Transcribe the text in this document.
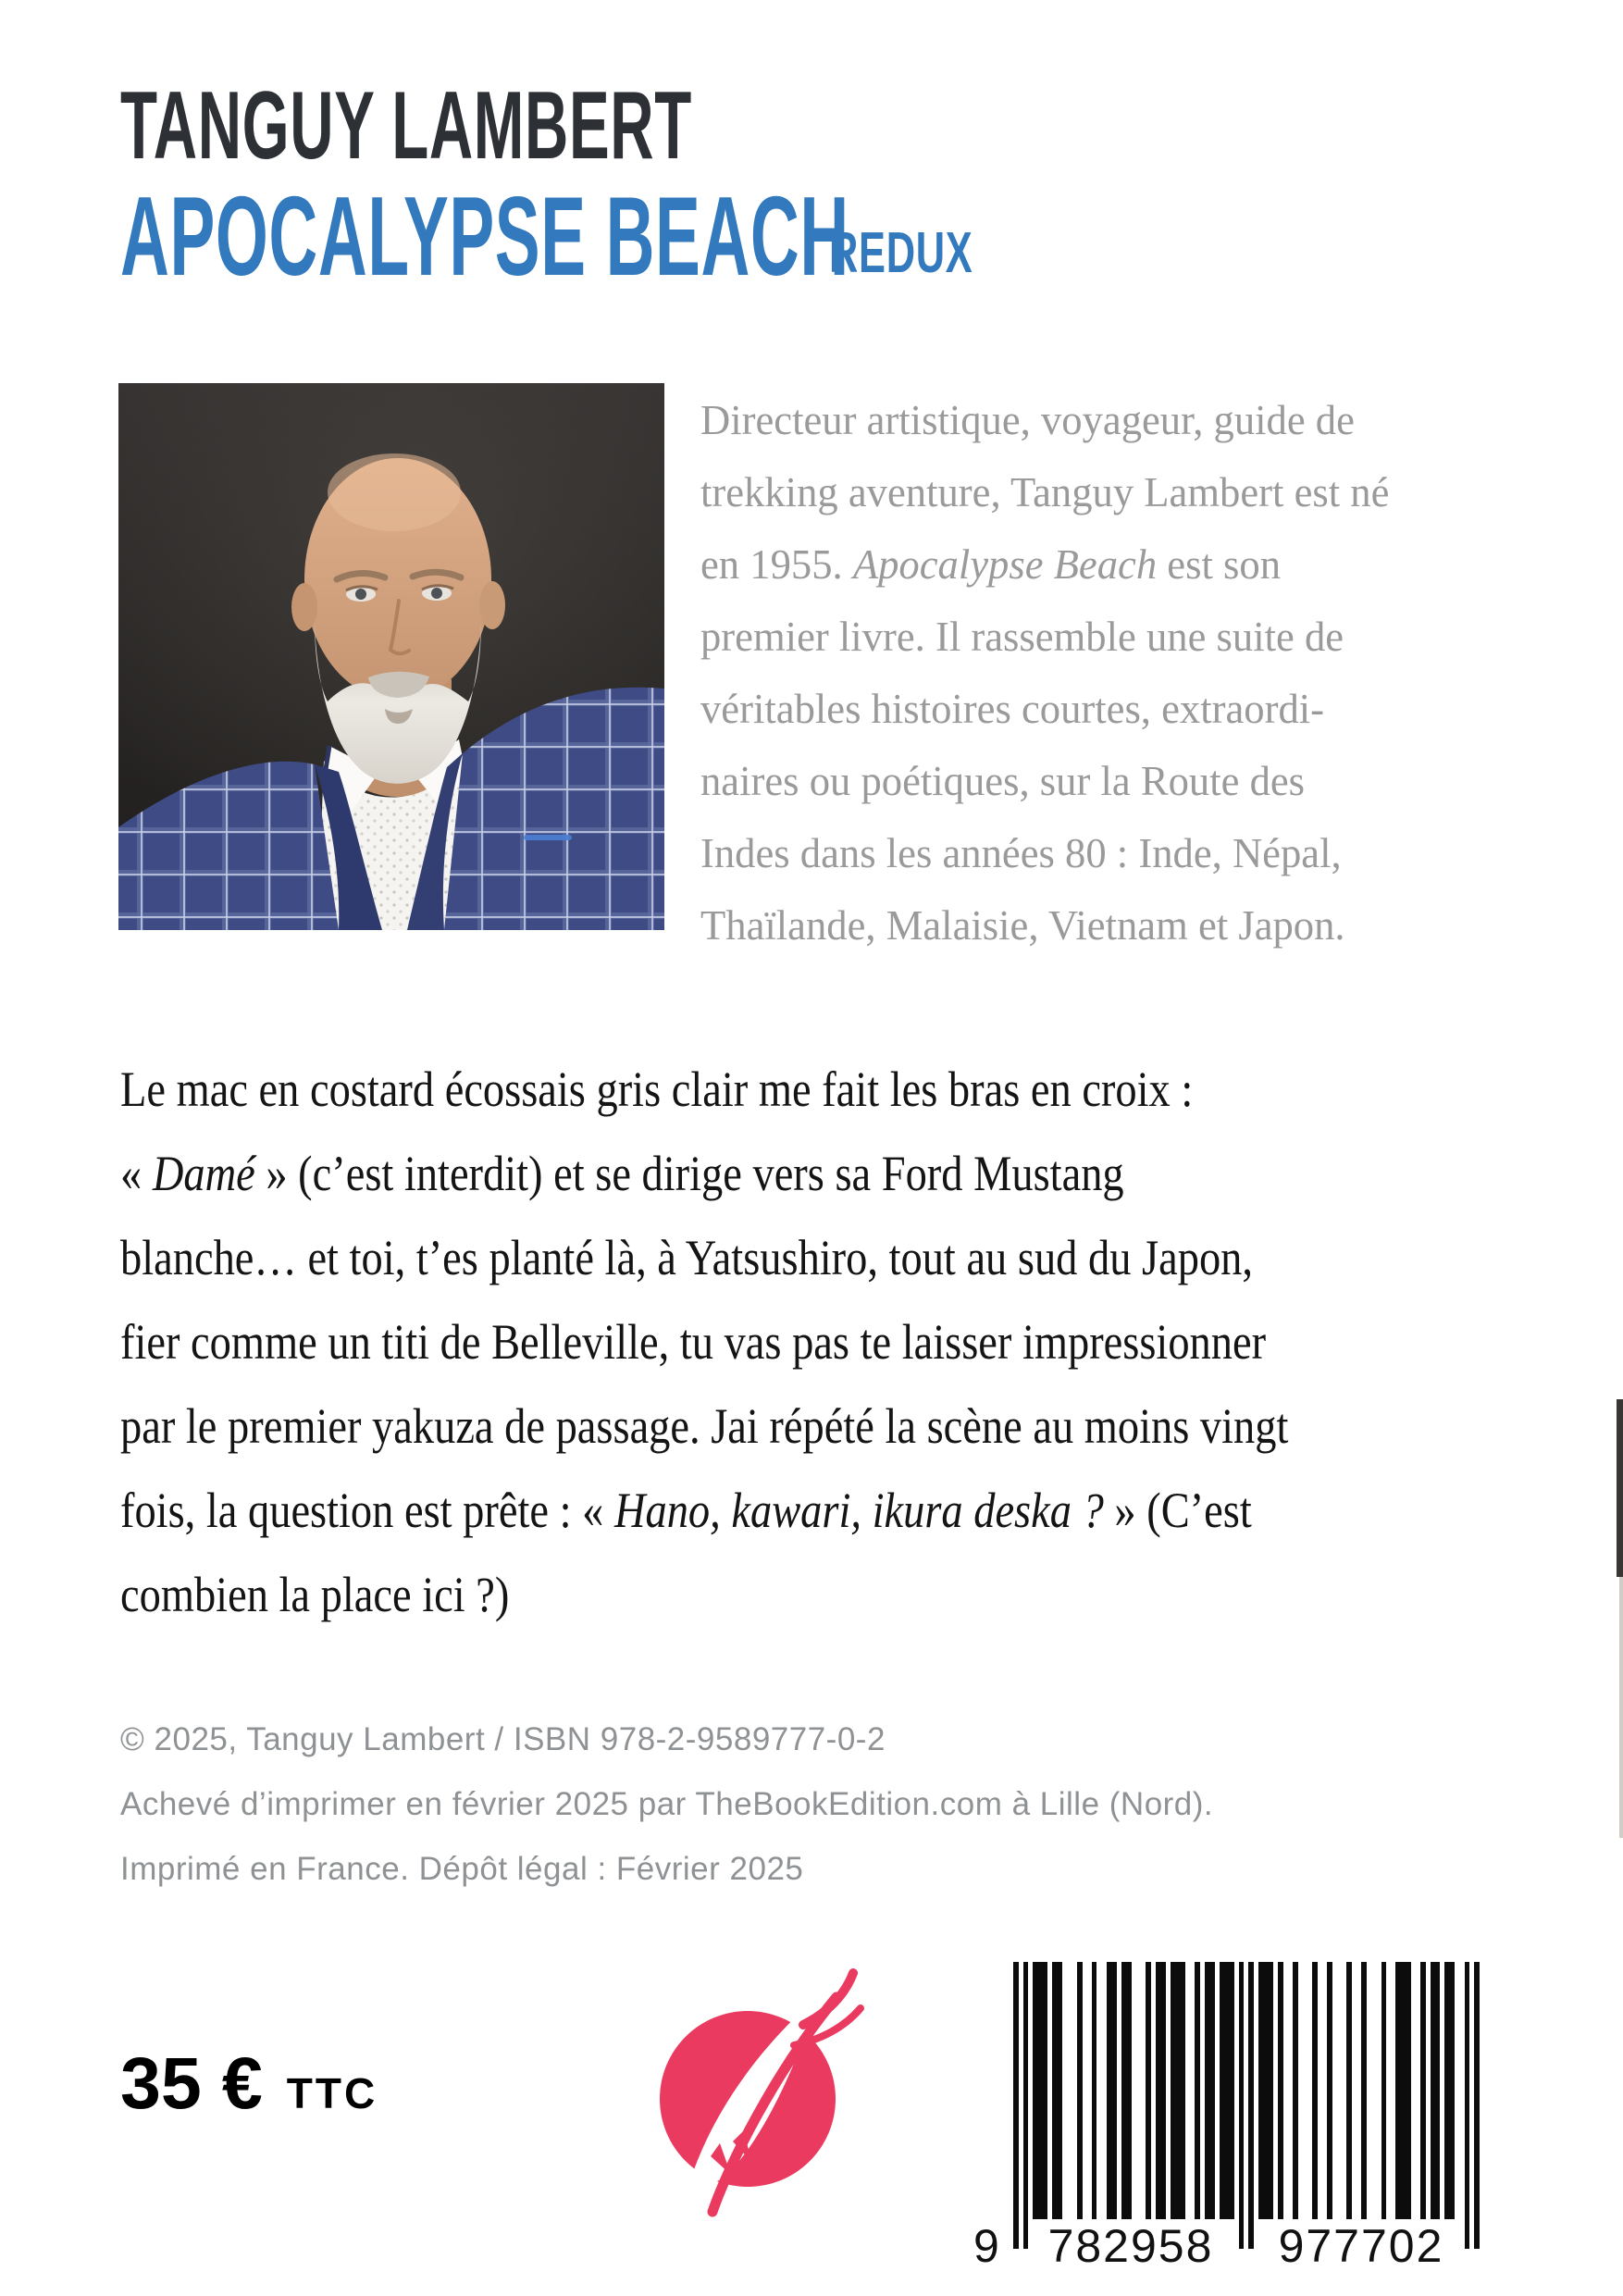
TANGUY LAMBERT
APOCALYPSE BEACH
REDUX
Directeur artistique, voyageur, guide de
trekking aventure, Tanguy Lambert est né
en 1955. Apocalypse Beach est son
premier livre. Il rassemble une suite de
véritables histoires courtes, extraordi-
naires ou poétiques, sur la Route des
Indes dans les années 80 : Inde, Népal,
Thaïlande, Malaisie, Vietnam et Japon.
Le mac en costard écossais gris clair me fait les bras en croix :
« Damé » (c’est interdit) et se dirige vers sa Ford Mustang
blanche… et toi, t’es planté là, à Yatsushiro, tout au sud du Japon,
fier comme un titi de Belleville, tu vas pas te laisser impressionner
par le premier yakuza de passage. Jai répété la scène au moins vingt
fois, la question est prête : « Hano, kawari, ikura deska ? » (C’est
combien la place ici ?)
© 2025, Tanguy Lambert / ISBN 978-2-9589777-0-2
Achevé d’imprimer en février 2025 par TheBookEdition.com à Lille (Nord).
Imprimé en France. Dépôt légal : Février 2025
35 € TTC
9 782958 977702
